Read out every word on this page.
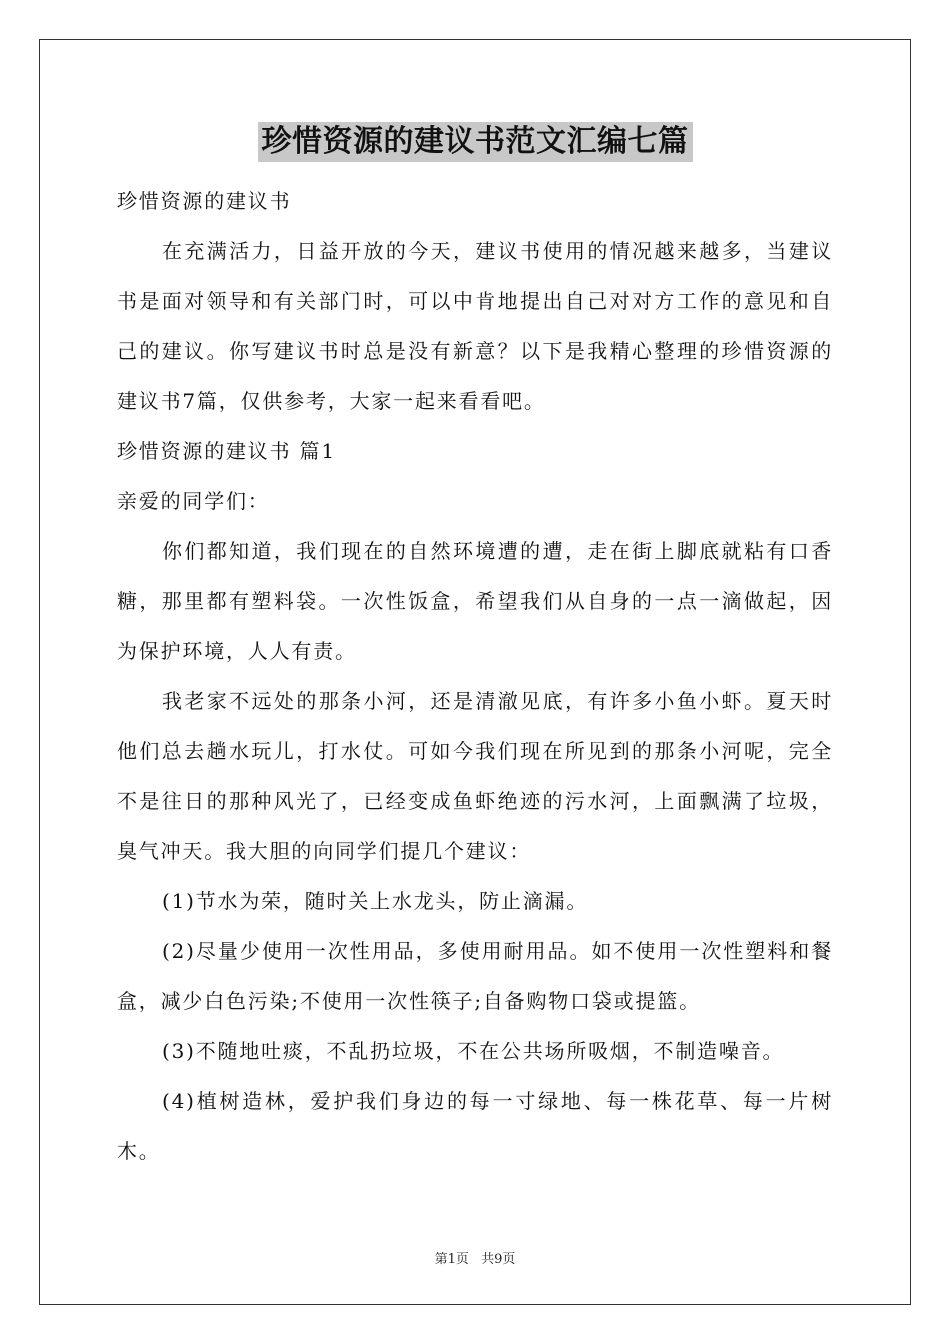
珍惜资源的建议书范文汇编七篇

珍惜资源的建议书

在充满活力，日益开放的今天，建议书使用的情况越来越多，当建议书是面对领导和有关部门时，可以中肯地提出自己对对方工作的意见和自己的建议。你写建议书时总是没有新意？以下是我精心整理的珍惜资源的建议书7篇，仅供参考，大家一起来看看吧。

珍惜资源的建议书 篇1

亲爱的同学们：

你们都知道，我们现在的自然环境遭的遭，走在街上脚底就粘有口香糖，那里都有塑料袋。一次性饭盒，希望我们从自身的一点一滴做起，因为保护环境，人人有责。

我老家不远处的那条小河，还是清澈见底，有许多小鱼小虾。夏天时他们总去趟水玩儿，打水仗。可如今我们现在所见到的那条小河呢，完全不是往日的那种风光了，已经变成鱼虾绝迹的污水河，上面飘满了垃圾，臭气冲天。我大胆的向同学们提几个建议：

(1)节水为荣，随时关上水龙头，防止滴漏。

(2)尽量少使用一次性用品，多使用耐用品。如不使用一次性塑料和餐盒，减少白色污染;不使用一次性筷子;自备购物口袋或提篮。

(3)不随地吐痰，不乱扔垃圾，不在公共场所吸烟，不制造噪音。

(4)植树造林，爱护我们身边的每一寸绿地、每一株花草、每一片树木。

第1页 共9页
